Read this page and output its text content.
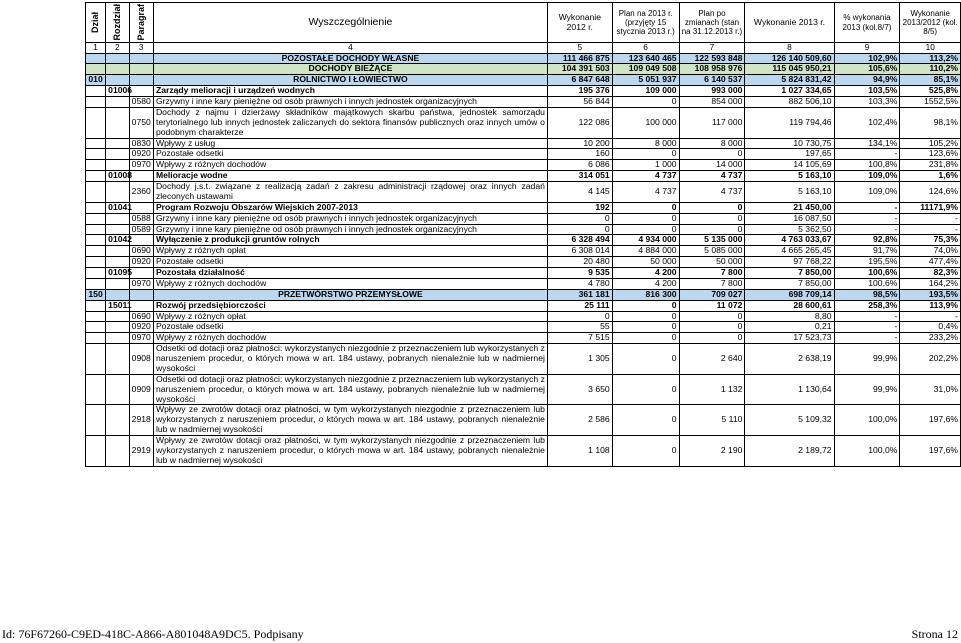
Dział	Rozdział	Paragraf	Wyszczególnienie	Wykonanie 2012 r.	Plan na 2013 r. (przyjęty 15 stycznia 2013 r.)	Plan po zmianach (stan na 31.12.2013 r.)	Wykonanie 2013 r.	% wykonania 2013 (kol.8/7)	Wykonanie 2013/2012 (kol. 8/5)
1	2	3	4	5	6	7	8	9	10
			POZOSTAŁE DOCHODY WŁASNE	111 466 875	123 640 465	122 593 848	126 140 509,60	102,9%	113,2%
			DOCHODY BIEŻĄCE	104 391 503	109 049 508	108 958 976	115 045 950,21	105,6%	110,2%
010			ROLNICTWO I ŁOWIECTWO	6 847 648	5 051 937	6 140 537	5 824 831,42	94,9%	85,1%
	01006		Zarządy melioracji i urządzeń wodnych	195 376	109 000	993 000	1 027 334,65	103,5%	525,8%
		0580	Grzywny i inne kary pieniężne od osób prawnych i innych jednostek organizacyjnych	56 844	0	854 000	882 506,10	103,3%	1552,5%
		0750	Dochody z najmu i dzierżawy składników majątkowych skarbu państwa, jednostek samorządu terytorialnego lub innych jednostek zaliczanych do sektora finansów publicznych oraz innych umów o podobnym charakterze	122 086	100 000	117 000	119 794,46	102,4%	98,1%
		0830	Wpływy z usług	10 200	8 000	8 000	10 730,75	134,1%	105,2%
		0920	Pozostałe odsetki	160	0	0	197,65	-	123,6%
		0970	Wpływy z różnych dochodów	6 086	1 000	14 000	14 105,69	100,8%	231,8%
	01008		Melioracje wodne	314 051	4 737	4 737	5 163,10	109,0%	1,6%
		2360	Dochody j.s.t. związane z realizacją zadań z zakresu administracji rządowej oraz innych zadań zleconych ustawami	4 145	4 737	4 737	5 163,10	109,0%	124,6%
	01041		Program Rozwoju Obszarów Wiejskich 2007-2013	192	0	0	21 450,00	-	11171,9%
		0588	Grzywny i inne kary pieniężne od osób prawnych i innych jednostek organizacyjnych	0	0	0	16 087,50	-	-
		0589	Grzywny i inne kary pieniężne od osób prawnych i innych jednostek organizacyjnych	0	0	0	5 362,50	-	-
	01042		Wyłączenie z produkcji gruntów rolnych	6 328 494	4 934 000	5 135 000	4 763 033,67	92,8%	75,3%
		0690	Wpływy z różnych opłat	6 308 014	4 884 000	5 085 000	4 665 265,45	91,7%	74,0%
		0920	Pozostałe odsetki	20 480	50 000	50 000	97 768,22	195,5%	477,4%
	01095		Pozostała działalność	9 535	4 200	7 800	7 850,00	100,6%	82,3%
		0970	Wpływy z różnych dochodów	4 780	4 200	7 800	7 850,00	100,6%	164,2%
150			PRZETWÓRSTWO PRZEMYSŁOWE	361 181	816 300	709 027	698 709,14	98,5%	193,5%
	15011		Rozwój przedsiębiorczości	25 111	0	11 072	28 600,61	258,3%	113,9%
		0690	Wpływy z różnych opłat	0	0	0	8,80	-	-
		0920	Pozostałe odsetki	55	0	0	0,21	-	0,4%
		0970	Wpływy z różnych dochodów	7 515	0	0	17 523,73	-	233,2%
		0908	Odsetki od dotacji oraz płatności: wykorzystanych niezgodnie z przeznaczeniem lub wykorzystanych z naruszeniem procedur, o których mowa w art. 184 ustawy, pobranych nienależnie lub w nadmiernej wysokości	1 305	0	2 640	2 638,19	99,9%	202,2%
		0909	Odsetki od dotacji oraz płatności: wykorzystanych niezgodnie z przeznaczeniem lub wykorzystanych z naruszeniem procedur, o których mowa w art. 184 ustawy, pobranych nienależnie lub w nadmiernej wysokości	3 650	0	1 132	1 130,64	99,9%	31,0%
		2918	Wpływy ze zwrotów dotacji oraz płatności, w tym wykorzystanych niezgodnie z przeznaczeniem lub wykorzystanych z naruszeniem procedur, o których mowa w art. 184 ustawy, pobranych nienależnie lub w nadmiernej wysokości	2 586	0	5 110	5 109,32	100,0%	197,6%
		2919	Wpływy ze zwrotów dotacji oraz płatności, w tym wykorzystanych niezgodnie z przeznaczeniem lub wykorzystanych z naruszeniem procedur, o których mowa w art. 184 ustawy, pobranych nienależnie lub w nadmiernej wysokości	1 108	0	2 190	2 189,72	100,0%	197,6%
Id: 76F67260-C9ED-418C-A866-A801048A9DC5. Podpisany	Strona 12
